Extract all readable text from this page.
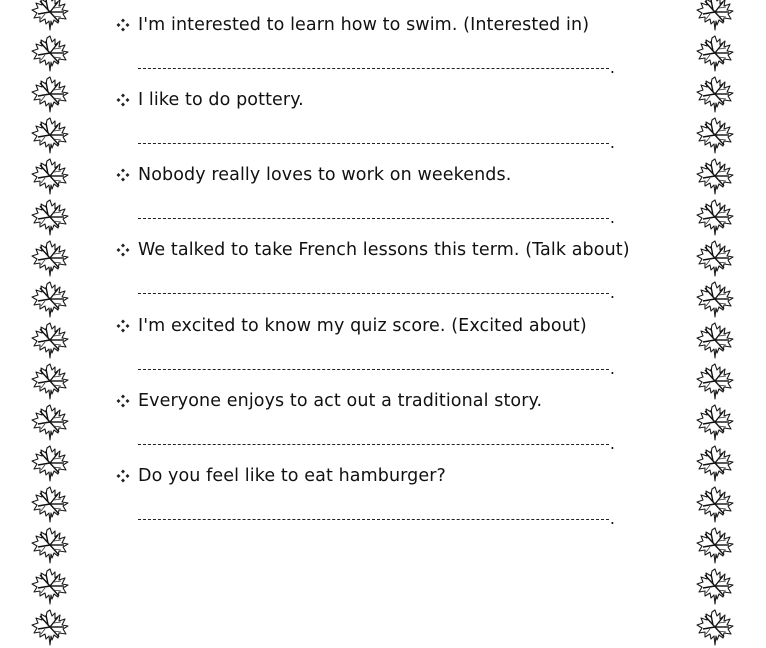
I'm interested to learn how to swim. (Interested in)
.
I like to do pottery.
.
Nobody really loves to work on weekends.
.
We talked to take French lessons this term. (Talk about)
.
I'm excited to know my quiz score. (Excited about)
.
Everyone enjoys to act out a traditional story.
.
Do you feel like to eat hamburger?
.
